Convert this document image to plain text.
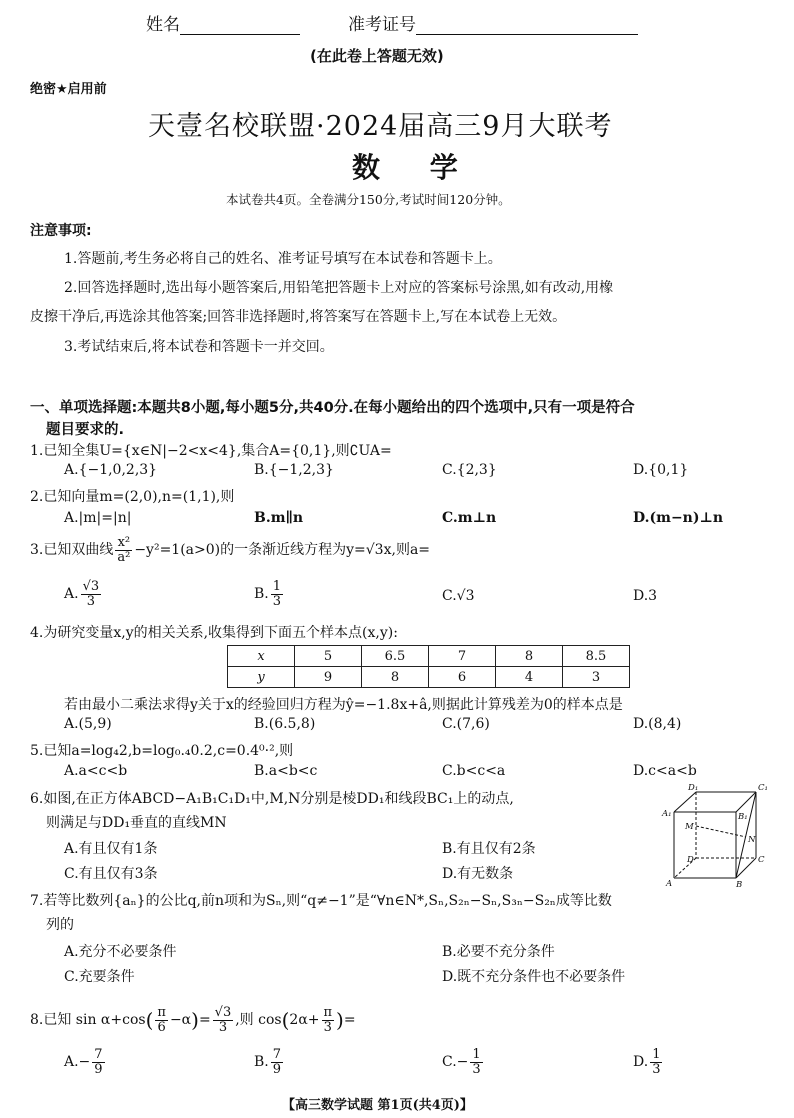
姓名	准考证号
(在此卷上答题无效)
绝密★启用前
天壹名校联盟·2024届高三9月大联考
数 学
本试卷共4页。全卷满分150分,考试时间120分钟。
注意事项:
1.答题前,考生务必将自己的姓名、准考证号填写在本试卷和答题卡上。
2.回答选择题时,选出每小题答案后,用铅笔把答题卡上对应的答案标号涂黑,如有改动,用橡
皮擦干净后,再选涂其他答案;回答非选择题时,将答案写在答题卡上,写在本试卷上无效。
3.考试结束后,将本试卷和答题卡一并交回。
一、单项选择题:本题共8小题,每小题5分,共40分.在每小题给出的四个选项中,只有一项是符合
题目要求的.
1.已知全集U={x∈N|−2<x<4},集合A={0,1},则∁UA=
A.{−1,0,2,3}	B.{−1,2,3}	C.{2,3}	D.{0,1}
2.已知向量m=(2,0),n=(1,1),则
A.|m|=|n|	B.m∥n	C.m⊥n	D.(m−n)⊥n
3.已知双曲线 $\frac{\text{x²}}{\text{a²}} -y^2=1(a>0)$的一条渐近线方程为y=√3x,则a=
A. $\frac{√3}{3}$	B. $\frac{1}{3}$	C.√3	D.3
4.为研究变量x,y的相关关系,收集得到下面五个样本点(x,y):
x	5	6.5	7	8	8.5
y	9	8	6	4	3
若由最小二乘法求得y关于x的经验回归方程为ŷ=−1.8x+â,则据此计算残差为0的样本点是
A.(5,9)	B.(6.5,8)	C.(7,6)	D.(8,4)
5.已知a=log₄2,b=log₀.₄0.2,c=0.4⁰·²,则
A.a<c<b	B.a<b<c	C.b<c<a	D.c<a<b
6.如图,在正方体ABCD−A₁B₁C₁D₁中,M,N分别是棱DD₁和线段BC₁上的动点,
则满足与DD₁垂直的直线MN
A.有且仅有1条	B.有且仅有2条
C.有且仅有3条	D.有无数条
D₁	C₁
A₁	B₁
M
N
D	C
A	B
7.若等比数列{aₙ}的公比q,前n项和为Sₙ,则“q≠−1”是“∀n∈N*,Sₙ,S₂ₙ−Sₙ,S₃ₙ−S₂ₙ成等比数
列的
A.充分不必要条件	B.必要不充分条件
C.充要条件	D.既不充分条件也不必要条件
8.已知 $\sin \alpha+\cos( \frac{\pi}{6} -\alpha)= \frac{√3}{3}$ ,则 $\cos(2\alpha+ \frac{\pi}{3}$ )=
$A.- \frac{7}{9}$	B. $\frac{7}{9}$	$C.- \frac{1}{3}$	D. $\frac{1}{3}$
【高三数学试题 第1页(共4页)】
